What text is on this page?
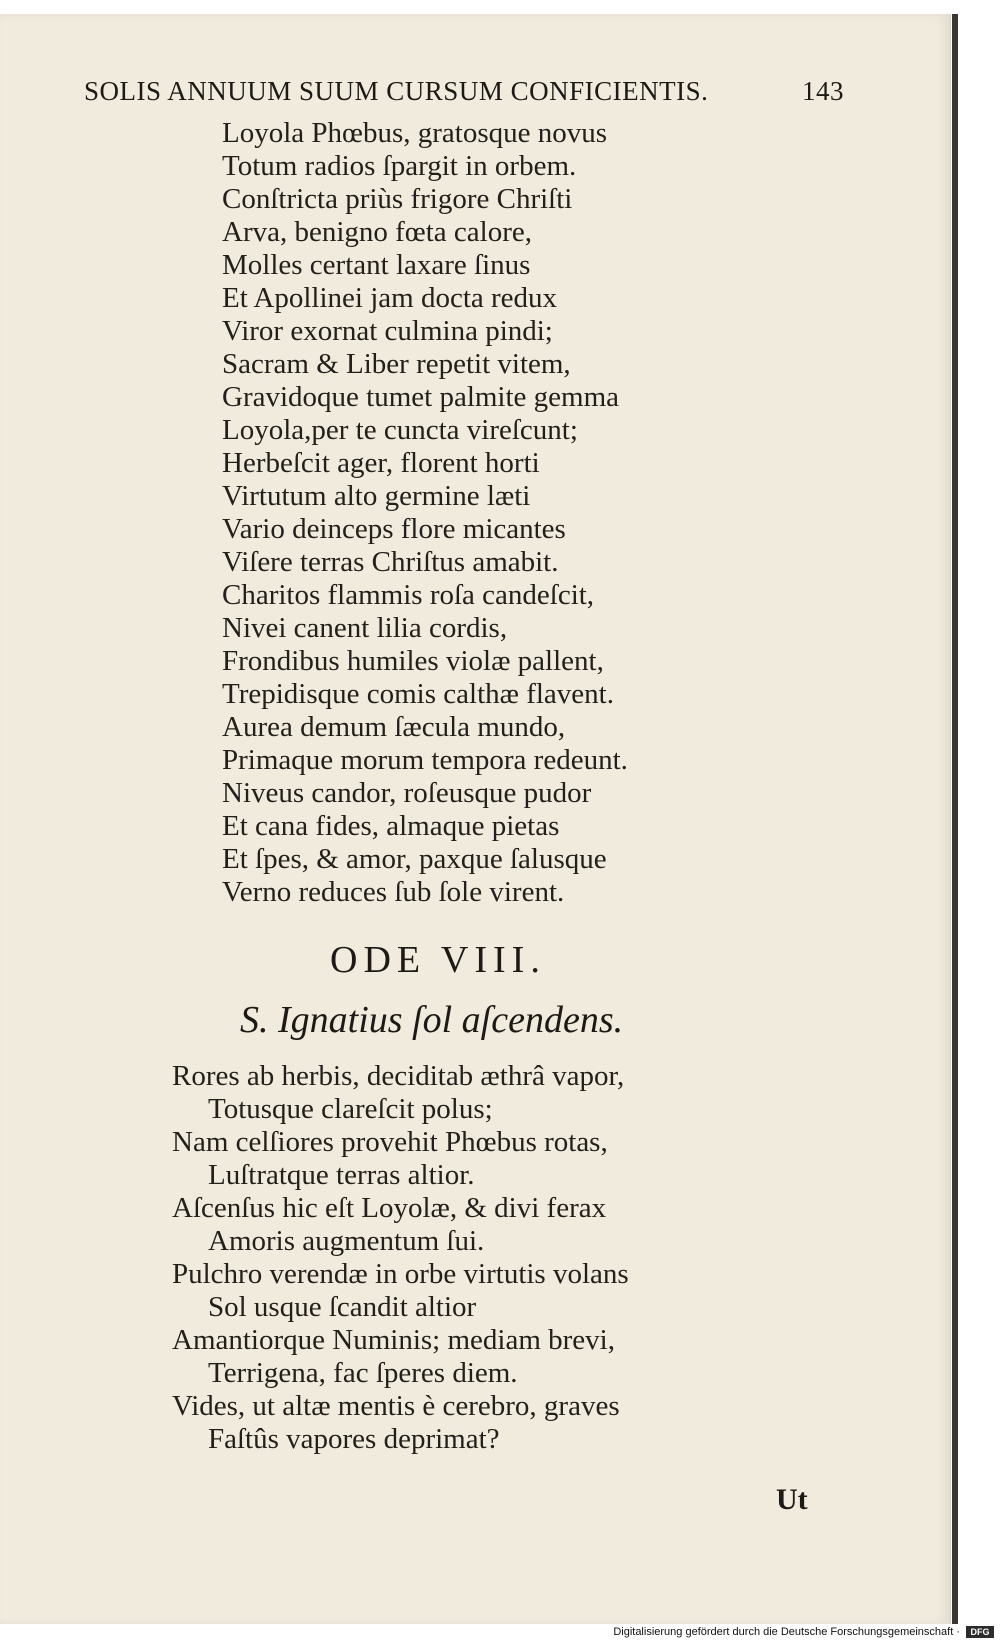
SOLIS ANNUUM SUUM CURSUM CONFICIENTIS.	143
Loyola Phœbus, gratosque novus
Totum radios ſpargit in orbem.
Conſtricta priùs frigore Chriſti
Arva, benigno fœta calore,
Molles certant laxare ſinus
Et Apollinei jam docta redux
Viror exornat culmina pindi;
Sacram & Liber repetit vitem,
Gravidoque tumet palmite gemma
Loyola,per te cuncta vireſcunt;
Herbeſcit ager, florent horti
Virtutum alto germine læti
Vario deinceps flore micantes
Viſere terras Chriſtus amabit.
Charitos flammis roſa candeſcit,
Nivei canent lilia cordis,
Frondibus humiles violæ pallent,
Trepidisque comis calthæ flavent.
Aurea demum ſæcula mundo,
Primaque morum tempora redeunt.
Niveus candor, roſeusque pudor
Et cana fides, almaque pietas
Et ſpes, & amor, paxque ſalusque
Verno reduces ſub ſole virent.
ODE VIII.
S. Ignatius ſol aſcendens.
Rores ab herbis, deciditab æthrâ vapor,
Totusque clareſcit polus;
Nam celſiores provehit Phœbus rotas,
Luſtratque terras altior.
Aſcenſus hic eſt Loyolæ, & divi ferax
Amoris augmentum ſui.
Pulchro verendæ in orbe virtutis volans
Sol usque ſcandit altior
Amantiorque Numinis; mediam brevi,
Terrigena, fac ſperes diem.
Vides, ut altæ mentis è cerebro, graves
Faſtûs vapores deprimat?
Ut
Digitalisierung gefördert durch die Deutsche Forschungsgemeinschaft ·	DFG
